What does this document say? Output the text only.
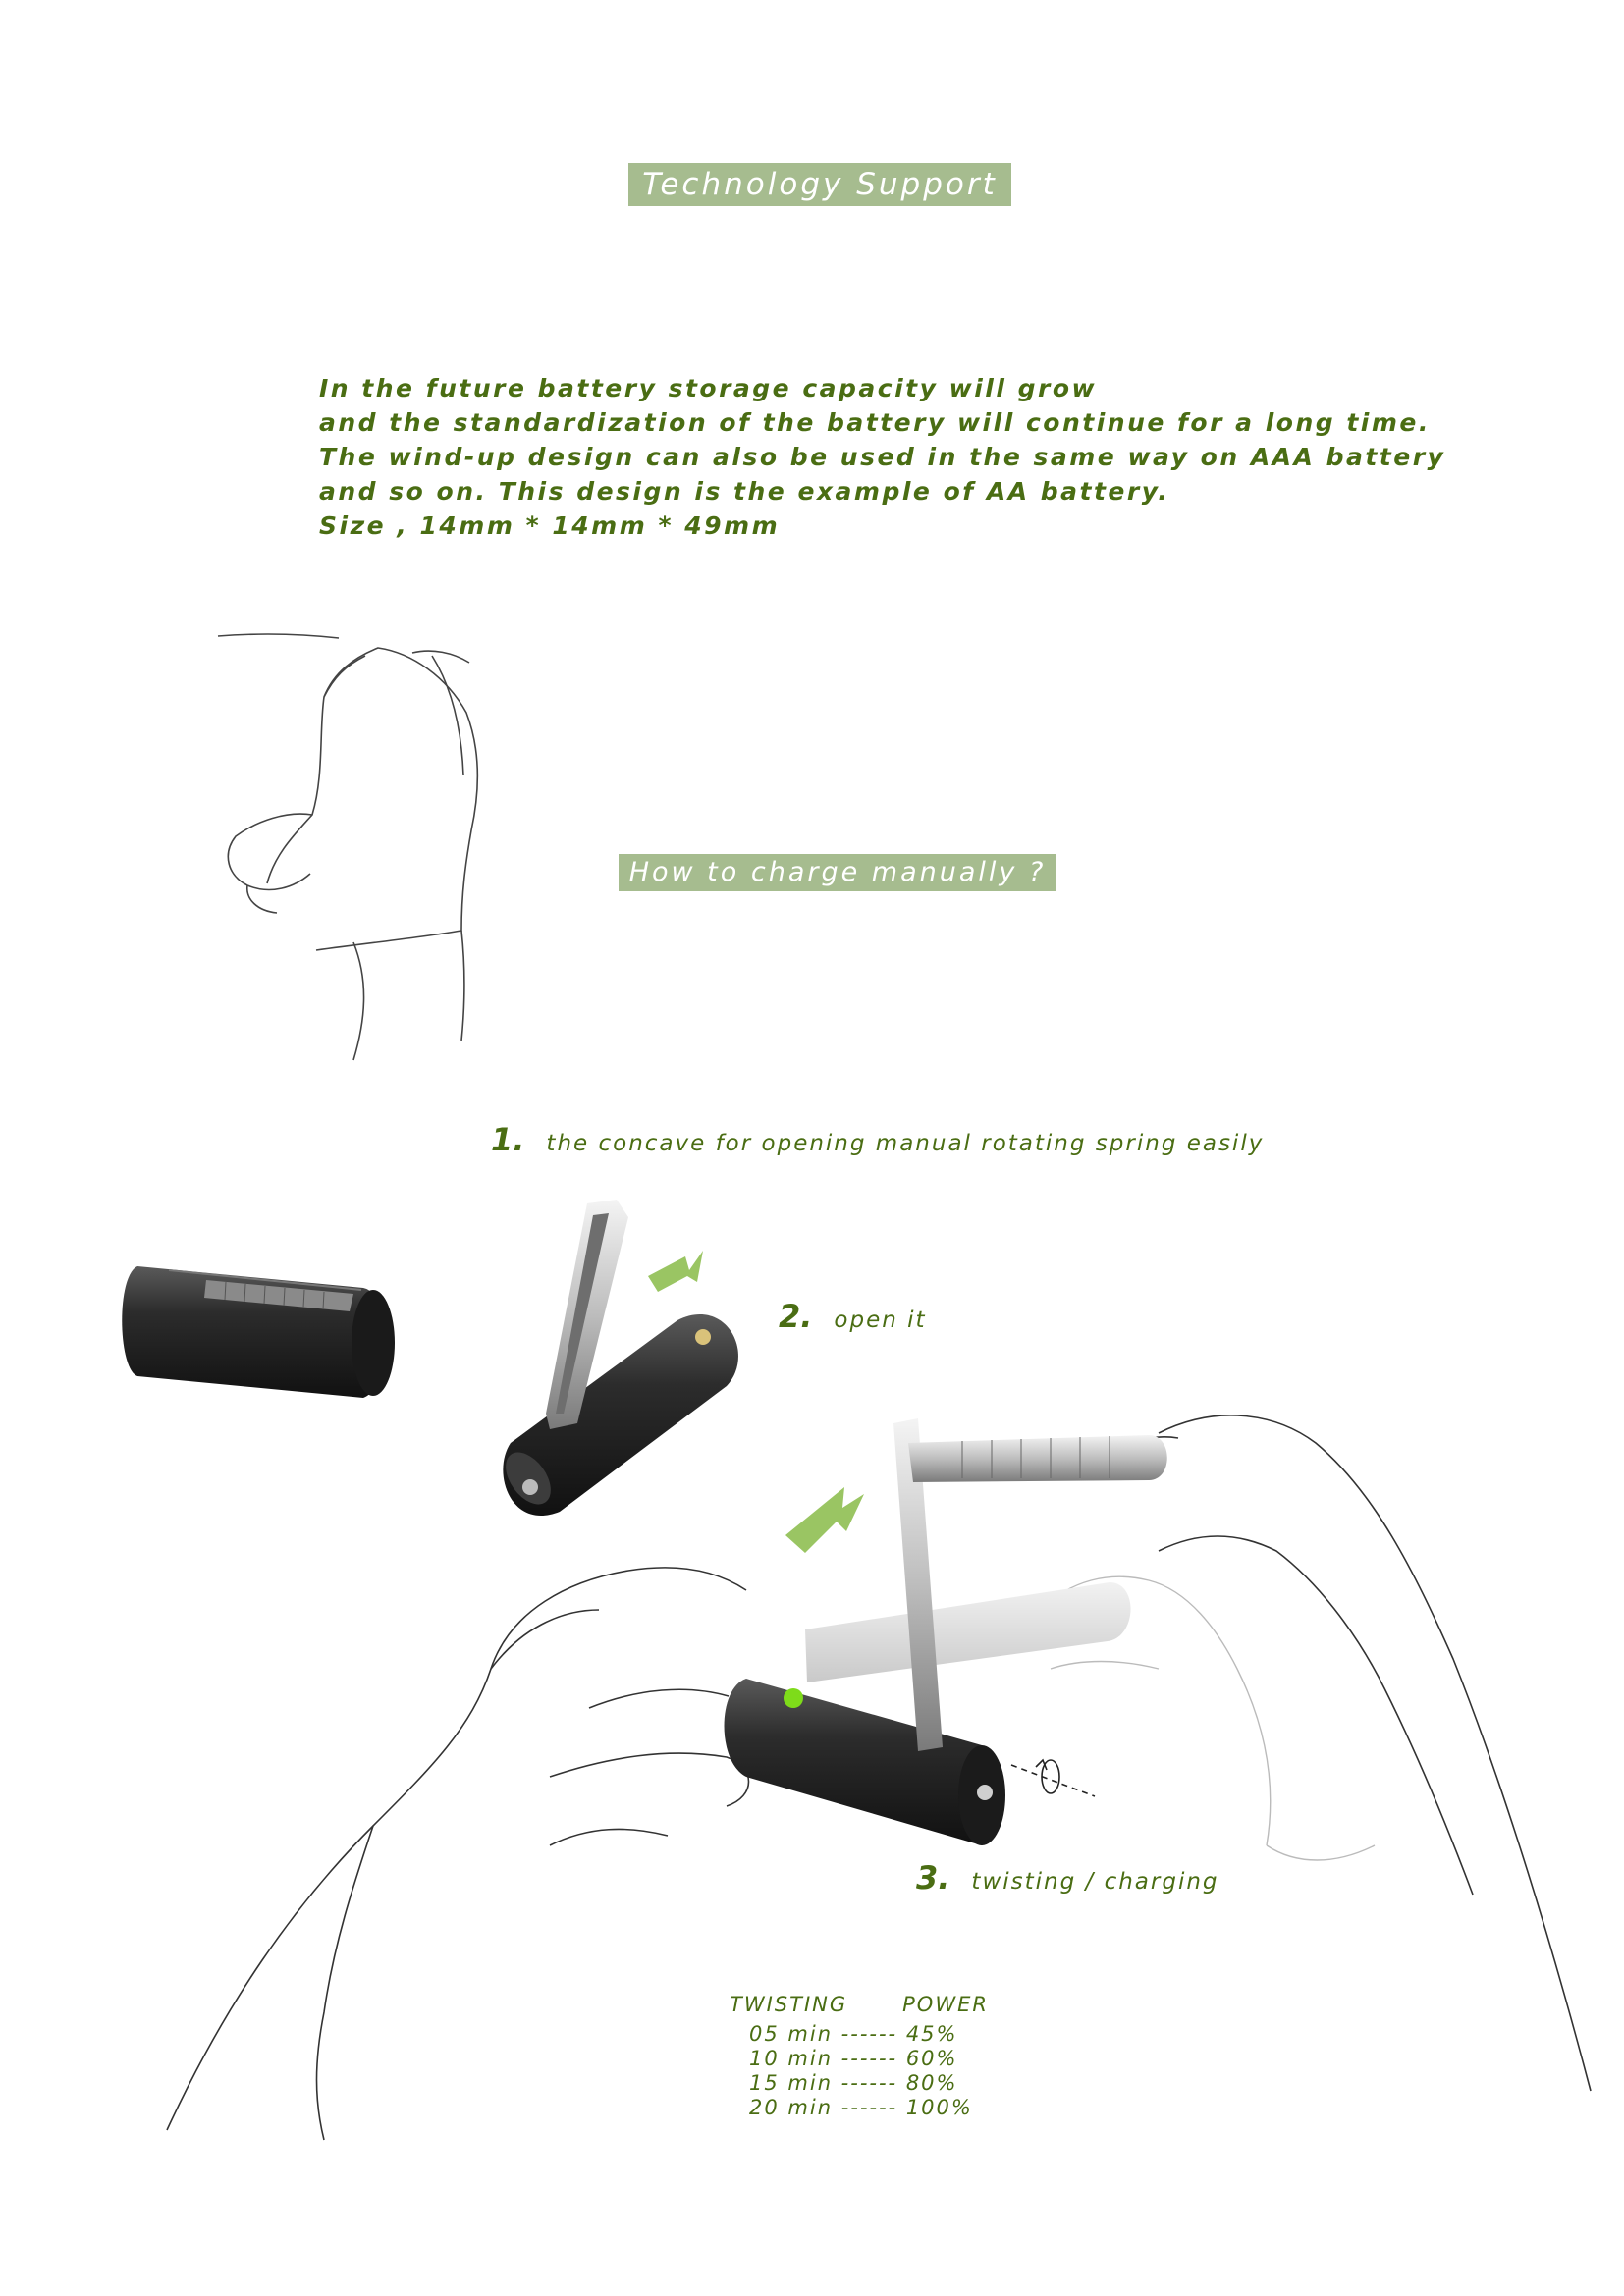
Technology Support
In the future battery storage capacity will grow
and the standardization of the battery will continue for a long time.
The wind-up design can also be used in the same way on AAA battery
and so on. This design is the example of AA battery.
Size , 14mm * 14mm * 49mm
How to charge manually ?
1. the concave for opening manual rotating spring easily
2. open it
3. twisting / charging
TWISTING	POWER
05 min ------ 45%
10 min ------ 60%
15 min ------ 80%
20 min ------ 100%
